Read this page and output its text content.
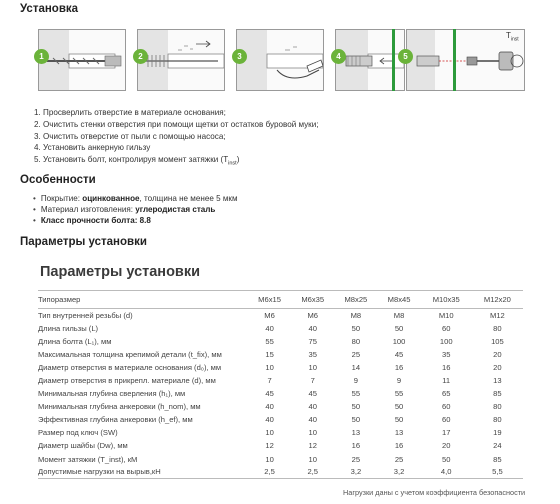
Установка
$T_{inst}$
1	2	3	4	5
1. Просверлить отверстие в материале основания;
2. Очистить стенки отверстия при помощи щетки от остатков буровой муки;
3. Очистить отверстие от пыли с помощью насоса;
4. Установить анкерную гильзу
5. Установить болт, контролируя момент затяжки $(T_{inst})$
Особенности
• Покрытие: оцинкованное, толщина не менее 5 мкм
• Материал изготовления: углеродистая сталь
• Класс прочности болта: 8.8
Параметры установки
Параметры установки
Типоразмер	M6x15	M6x35	M8x25	M8x45	M10x35	M12x20
Тип внутренней резьбы (d)	M6	M6	M8	M8	M10	M12
Длина гильзы (L)	40	40	50	50	60	80
Длина болта (L₁), мм	55	75	80	100	100	105
Максимальная толщина крепимой детали (t_fix), мм	15	35	25	45	35	20
Диаметр отверстия в материале основания (d₀), мм	10	10	14	16	16	20
Диаметр отверстия в прикрепл. материале (d), мм	7	7	9	9	11	13
Минимальная глубина сверления (h₁), мм	45	45	55	55	65	85
Минимальная глубина анкеровки (h_nom), мм	40	40	50	50	60	80
Эффективная глубина анкеровки (h_ef), мм	40	40	50	50	60	80
Размер под ключ (SW)	10	10	13	13	17	19
Диаметр шайбы (Dw), мм	12	12	16	16	20	24
Момент затяжки (T_inst), кМ	10	10	25	25	50	85
Допустимые нагрузки на вырыв,кН	2,5	2,5	3,2	3,2	4,0	5,5
Нагрузки даны с учетом коэффициента безопасности
